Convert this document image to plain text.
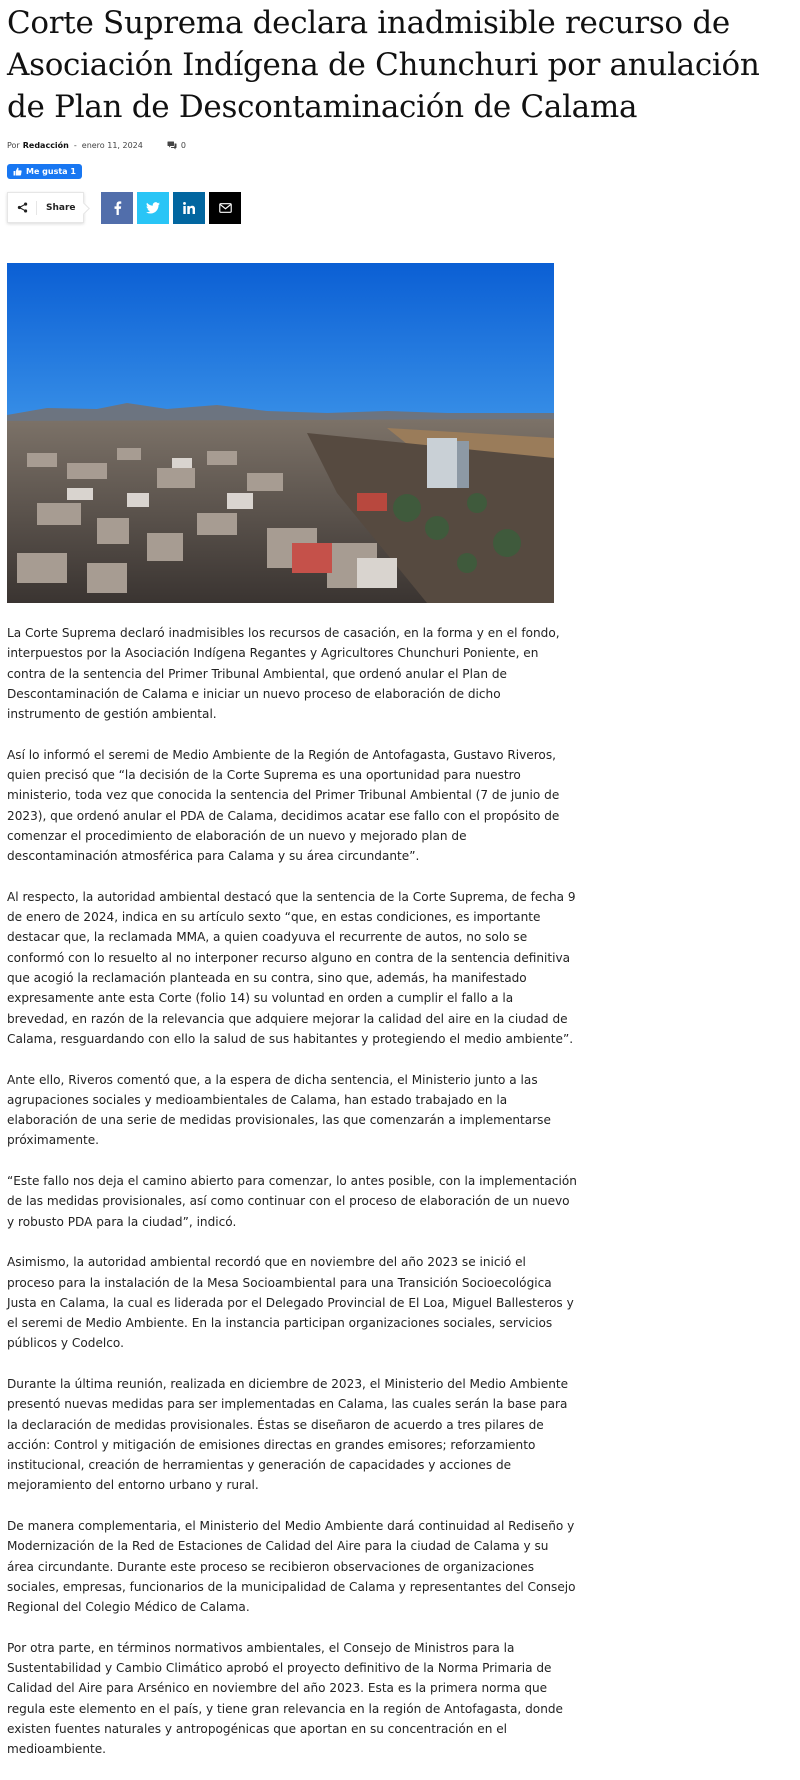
Corte Suprema declara inadmisible recurso de Asociación Indígena de Chunchuri por anulación de Plan de Descontaminación de Calama
Por Redacción - enero 11, 2024	0
Me gusta 1
Share

La Corte Suprema declaró inadmisibles los recursos de casación, en la forma y en el fondo, interpuestos por la Asociación Indígena Regantes y Agricultores Chunchuri Poniente, en contra de la sentencia del Primer Tribunal Ambiental, que ordenó anular el Plan de Descontaminación de Calama e iniciar un nuevo proceso de elaboración de dicho instrumento de gestión ambiental.

Así lo informó el seremi de Medio Ambiente de la Región de Antofagasta, Gustavo Riveros, quien precisó que “la decisión de la Corte Suprema es una oportunidad para nuestro ministerio, toda vez que conocida la sentencia del Primer Tribunal Ambiental (7 de junio de 2023), que ordenó anular el PDA de Calama, decidimos acatar ese fallo con el propósito de comenzar el procedimiento de elaboración de un nuevo y mejorado plan de descontaminación atmosférica para Calama y su área circundante”.

Al respecto, la autoridad ambiental destacó que la sentencia de la Corte Suprema, de fecha 9 de enero de 2024, indica en su artículo sexto “que, en estas condiciones, es importante destacar que, la reclamada MMA, a quien coadyuva el recurrente de autos, no solo se conformó con lo resuelto al no interponer recurso alguno en contra de la sentencia definitiva que acogió la reclamación planteada en su contra, sino que, además, ha manifestado expresamente ante esta Corte (folio 14) su voluntad en orden a cumplir el fallo a la brevedad, en razón de la relevancia que adquiere mejorar la calidad del aire en la ciudad de Calama, resguardando con ello la salud de sus habitantes y protegiendo el medio ambiente”.

Ante ello, Riveros comentó que, a la espera de dicha sentencia, el Ministerio junto a las agrupaciones sociales y medioambientales de Calama, han estado trabajado en la elaboración de una serie de medidas provisionales, las que comenzarán a implementarse próximamente.

“Este fallo nos deja el camino abierto para comenzar, lo antes posible, con la implementación de las medidas provisionales, así como continuar con el proceso de elaboración de un nuevo y robusto PDA para la ciudad”, indicó.

Asimismo, la autoridad ambiental recordó que en noviembre del año 2023 se inició el proceso para la instalación de la Mesa Socioambiental para una Transición Socioecológica Justa en Calama, la cual es liderada por el Delegado Provincial de El Loa, Miguel Ballesteros y el seremi de Medio Ambiente. En la instancia participan organizaciones sociales, servicios públicos y Codelco.

Durante la última reunión, realizada en diciembre de 2023, el Ministerio del Medio Ambiente presentó nuevas medidas para ser implementadas en Calama, las cuales serán la base para la declaración de medidas provisionales. Éstas se diseñaron de acuerdo a tres pilares de acción: Control y mitigación de emisiones directas en grandes emisores; reforzamiento institucional, creación de herramientas y generación de capacidades y acciones de mejoramiento del entorno urbano y rural.

De manera complementaria, el Ministerio del Medio Ambiente dará continuidad al Rediseño y Modernización de la Red de Estaciones de Calidad del Aire para la ciudad de Calama y su área circundante. Durante este proceso se recibieron observaciones de organizaciones sociales, empresas, funcionarios de la municipalidad de Calama y representantes del Consejo Regional del Colegio Médico de Calama.

Por otra parte, en términos normativos ambientales, el Consejo de Ministros para la Sustentabilidad y Cambio Climático aprobó el proyecto definitivo de la Norma Primaria de Calidad del Aire para Arsénico en noviembre del año 2023. Esta es la primera norma que regula este elemento en el país, y tiene gran relevancia en la región de Antofagasta, donde existen fuentes naturales y antropogénicas que aportan en su concentración en el medioambiente.
